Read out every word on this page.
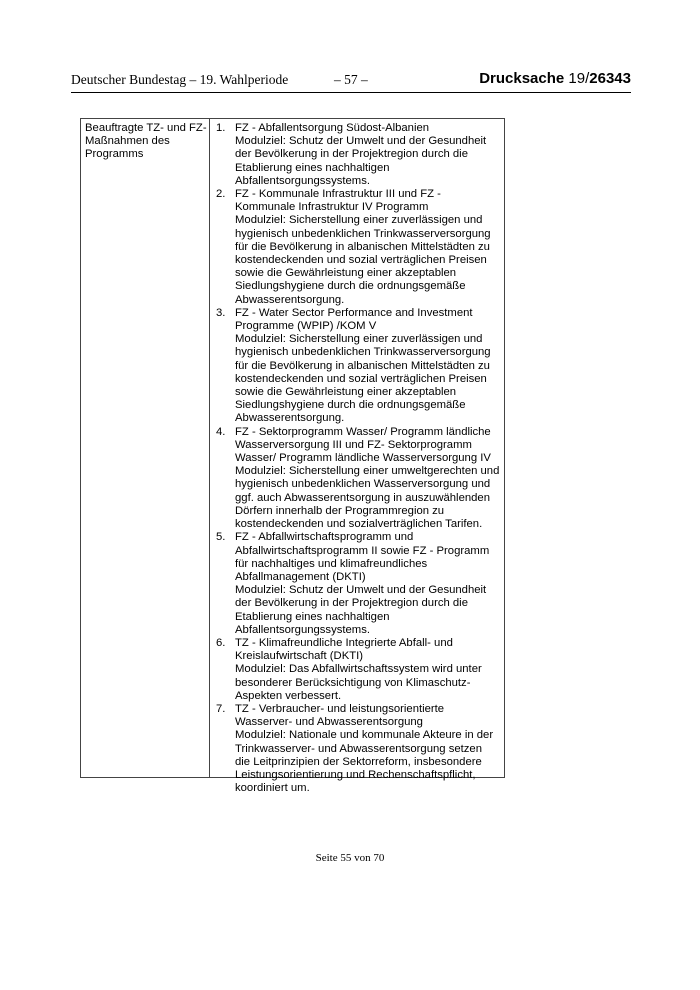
Deutscher Bundestag – 19. Wahlperiode	– 57 –	Drucksache 19/26343
Beauftragte TZ- und FZ-Maßnahmen des Programms
1. FZ - Abfallentsorgung Südost-Albanien
Modulziel: Schutz der Umwelt und der Gesundheit der Bevölkerung in der Projektregion durch die Etablierung eines nachhaltigen Abfallentsorgungssystems.
2. FZ - Kommunale Infrastruktur III und FZ - Kommunale Infrastruktur IV Programm
Modulziel: Sicherstellung einer zuverlässigen und hygienisch unbedenklichen Trinkwasserversorgung für die Bevölkerung in albanischen Mittelstädten zu kostendeckenden und sozial verträglichen Preisen sowie die Gewährleistung einer akzeptablen Siedlungshygiene durch die ordnungsgemäße Abwasserentsorgung.
3. FZ - Water Sector Performance and Investment Programme (WPIP) /KOM V
Modulziel: Sicherstellung einer zuverlässigen und hygienisch unbedenklichen Trinkwasserversorgung für die Bevölkerung in albanischen Mittelstädten zu kostendeckenden und sozial verträglichen Preisen sowie die Gewährleistung einer akzeptablen Siedlungshygiene durch die ordnungsgemäße Abwasserentsorgung.
4. FZ - Sektorprogramm Wasser/ Programm ländliche Wasserversorgung III und FZ- Sektorprogramm Wasser/ Programm ländliche Wasserversorgung IV
Modulziel: Sicherstellung einer umweltgerechten und hygienisch unbedenklichen Wasserversorgung und ggf. auch Abwasserentsorgung in auszuwählenden Dörfern innerhalb der Programmregion zu kostendeckenden und sozialverträglichen Tarifen.
5. FZ - Abfallwirtschaftsprogramm und Abfallwirtschaftsprogramm II sowie FZ - Programm für nachhaltiges und klimafreundliches Abfallmanagement (DKTI)
Modulziel: Schutz der Umwelt und der Gesundheit der Bevölkerung in der Projektregion durch die Etablierung eines nachhaltigen Abfallentsorgungssystems.
6. TZ - Klimafreundliche Integrierte Abfall- und Kreislaufwirtschaft (DKTI)
Modulziel: Das Abfallwirtschaftssystem wird unter besonderer Berücksichtigung von Klimaschutz-Aspekten verbessert.
7. TZ - Verbraucher- und leistungsorientierte Wasserver- und Abwasserentsorgung
Modulziel: Nationale und kommunale Akteure in der Trinkwasserver- und Abwasserentsorgung setzen die Leitprinzipien der Sektorreform, insbesondere Leistungsorientierung und Rechenschaftspflicht, koordiniert um.
Seite 55 von 70
